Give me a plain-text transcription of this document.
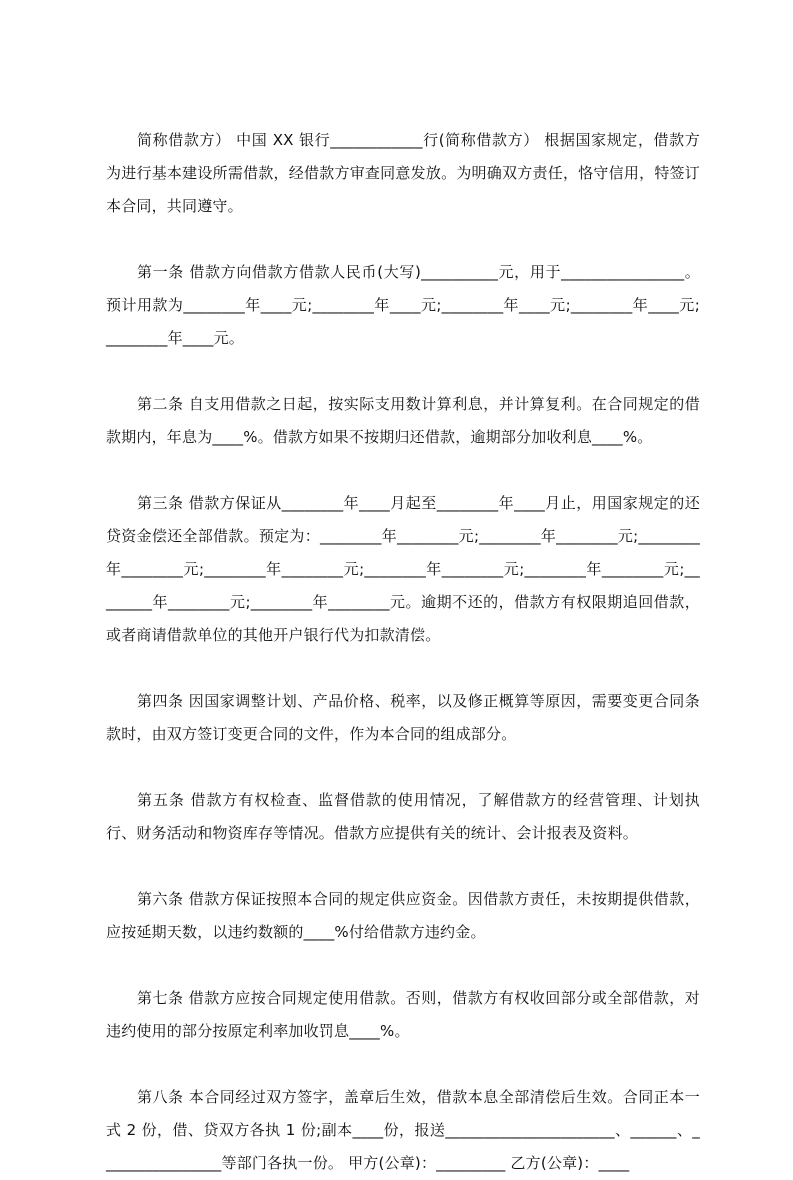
简称借款方） 中国 XX 银行____________行(简称借款方） 根据国家规定，借款方为进行基本建设所需借款，经借款方审查同意发放。为明确双方责任，恪守信用，特签订本合同，共同遵守。

第一条 借款方向借款方借款人民币(大写)__________元，用于________________。预计用款为________年____元;________年____元;________年____元;________年____元;________年____元。

第二条 自支用借款之日起，按实际支用数计算利息，并计算复利。在合同规定的借款期内，年息为____%。借款方如果不按期归还借款，逾期部分加收利息____%。

第三条 借款方保证从________年____月起至________年____月止，用国家规定的还贷资金偿还全部借款。预定为：________年________元;________年________元;________年________元;________年________元;________年________元;________年________元;________年________元;________年________元。逾期不还的，借款方有权限期追回借款，或者商请借款单位的其他开户银行代为扣款清偿。

第四条 因国家调整计划、产品价格、税率，以及修正概算等原因，需要变更合同条款时，由双方签订变更合同的文件，作为本合同的组成部分。

第五条 借款方有权检查、监督借款的使用情况，了解借款方的经营管理、计划执行、财务活动和物资库存等情况。借款方应提供有关的统计、会计报表及资料。

第六条 借款方保证按照本合同的规定供应资金。因借款方责任，未按期提供借款，应按延期天数，以违约数额的____%付给借款方违约金。

第七条 借款方应按合同规定使用借款。否则，借款方有权收回部分或全部借款，对违约使用的部分按原定利率加收罚息____%。

第八条 本合同经过双方签字，盖章后生效，借款本息全部清偿后生效。合同正本一式 2 份，借、贷双方各执 1 份;副本____份，报送______________________、______、________________等部门各执一份。 甲方(公章)：_________ 乙方(公章)：____
